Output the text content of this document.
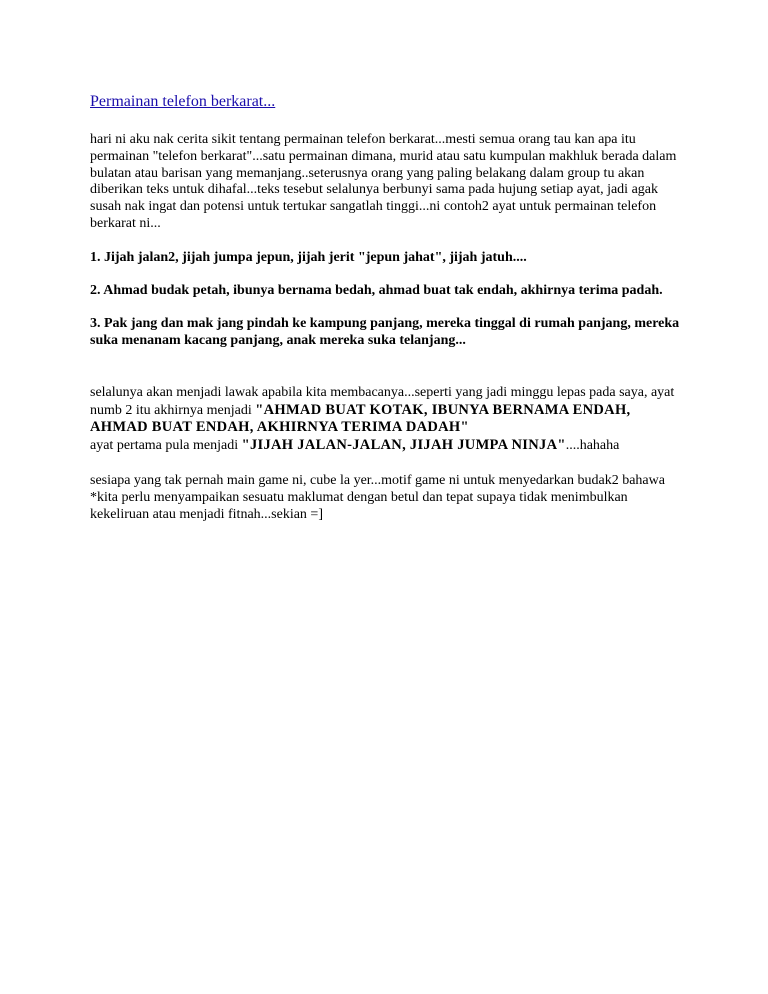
Permainan telefon berkarat...

hari ni aku nak cerita sikit tentang permainan telefon berkarat...mesti semua orang tau kan apa itu permainan "telefon berkarat"...satu permainan dimana, murid atau satu kumpulan makhluk berada dalam bulatan atau barisan yang memanjang..seterusnya orang yang paling belakang dalam group tu akan diberikan teks untuk dihafal...teks tesebut selalunya berbunyi sama pada hujung setiap ayat, jadi agak susah nak ingat dan potensi untuk tertukar sangatlah tinggi...ni contoh2 ayat untuk permainan telefon berkarat ni...

1. Jijah jalan2, jijah jumpa jepun, jijah jerit "jepun jahat", jijah jatuh....

2. Ahmad budak petah, ibunya bernama bedah, ahmad buat tak endah, akhirnya terima padah.

3. Pak jang dan mak jang pindah ke kampung panjang, mereka tinggal di rumah panjang, mereka suka menanam kacang panjang, anak mereka suka telanjang...

selalunya akan menjadi lawak apabila kita membacanya...seperti yang jadi minggu lepas pada saya, ayat numb 2 itu akhirnya menjadi "AHMAD BUAT KOTAK, IBUNYA BERNAMA ENDAH, AHMAD BUAT ENDAH, AKHIRNYA TERIMA DADAH"
ayat pertama pula menjadi "JIJAH JALAN-JALAN, JIJAH JUMPA NINJA"....hahaha

sesiapa yang tak pernah main game ni, cube la yer...motif game ni untuk menyedarkan budak2 bahawa *kita perlu menyampaikan sesuatu maklumat dengan betul dan tepat supaya tidak menimbulkan kekeliruan atau menjadi fitnah...sekian =]
